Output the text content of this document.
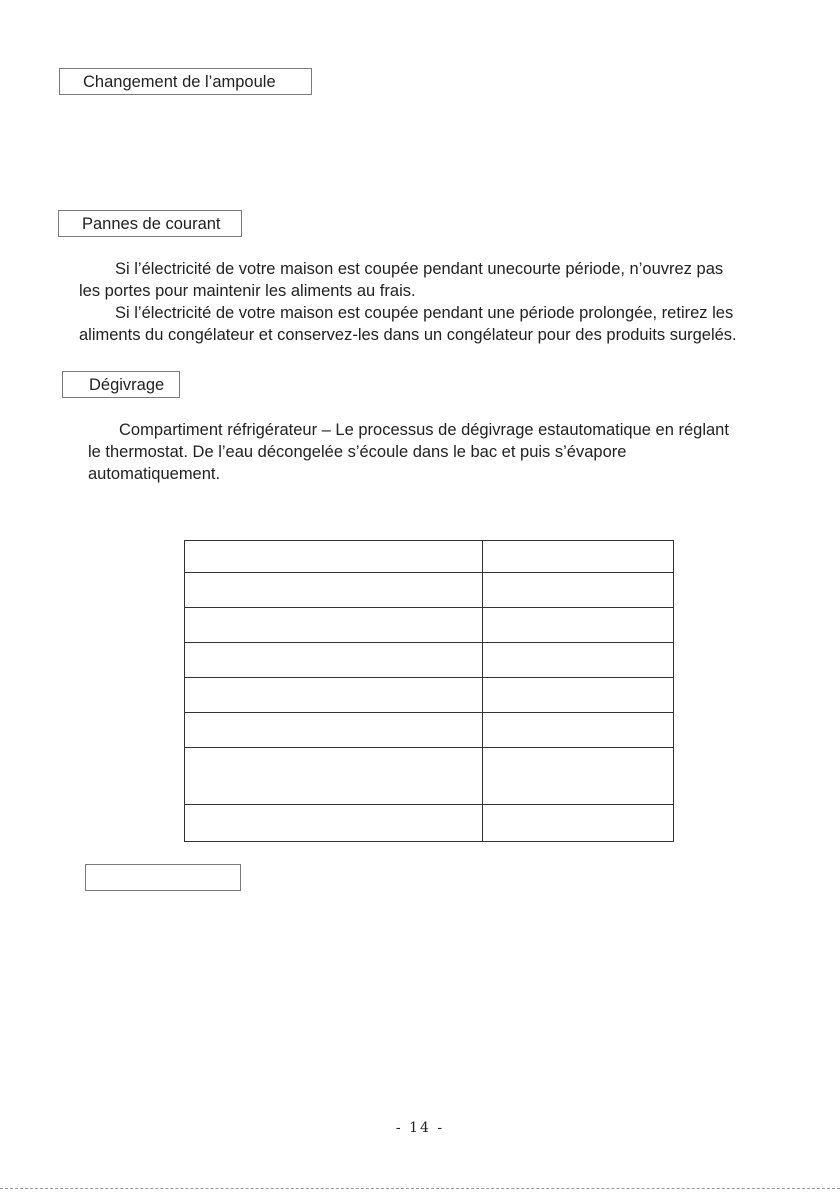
Changement de l’ampoule
Pannes de courant

Si l’électricité de votre maison est coupée pendant unecourte période, n’ouvrez pas

les portes pour maintenir les aliments au frais.

Si l’électricité de votre maison est coupée pendant une période prolongée, retirez les

aliments du congélateur et conservez-les dans un congélateur pour des produits surgelés.

Dégivrage

Compartiment réfrigérateur – Le processus de dégivrage estautomatique en réglant

le thermostat. De l’eau décongelée s’écoule dans le bac et puis s’évapore

automatiquement.

- 14 -
